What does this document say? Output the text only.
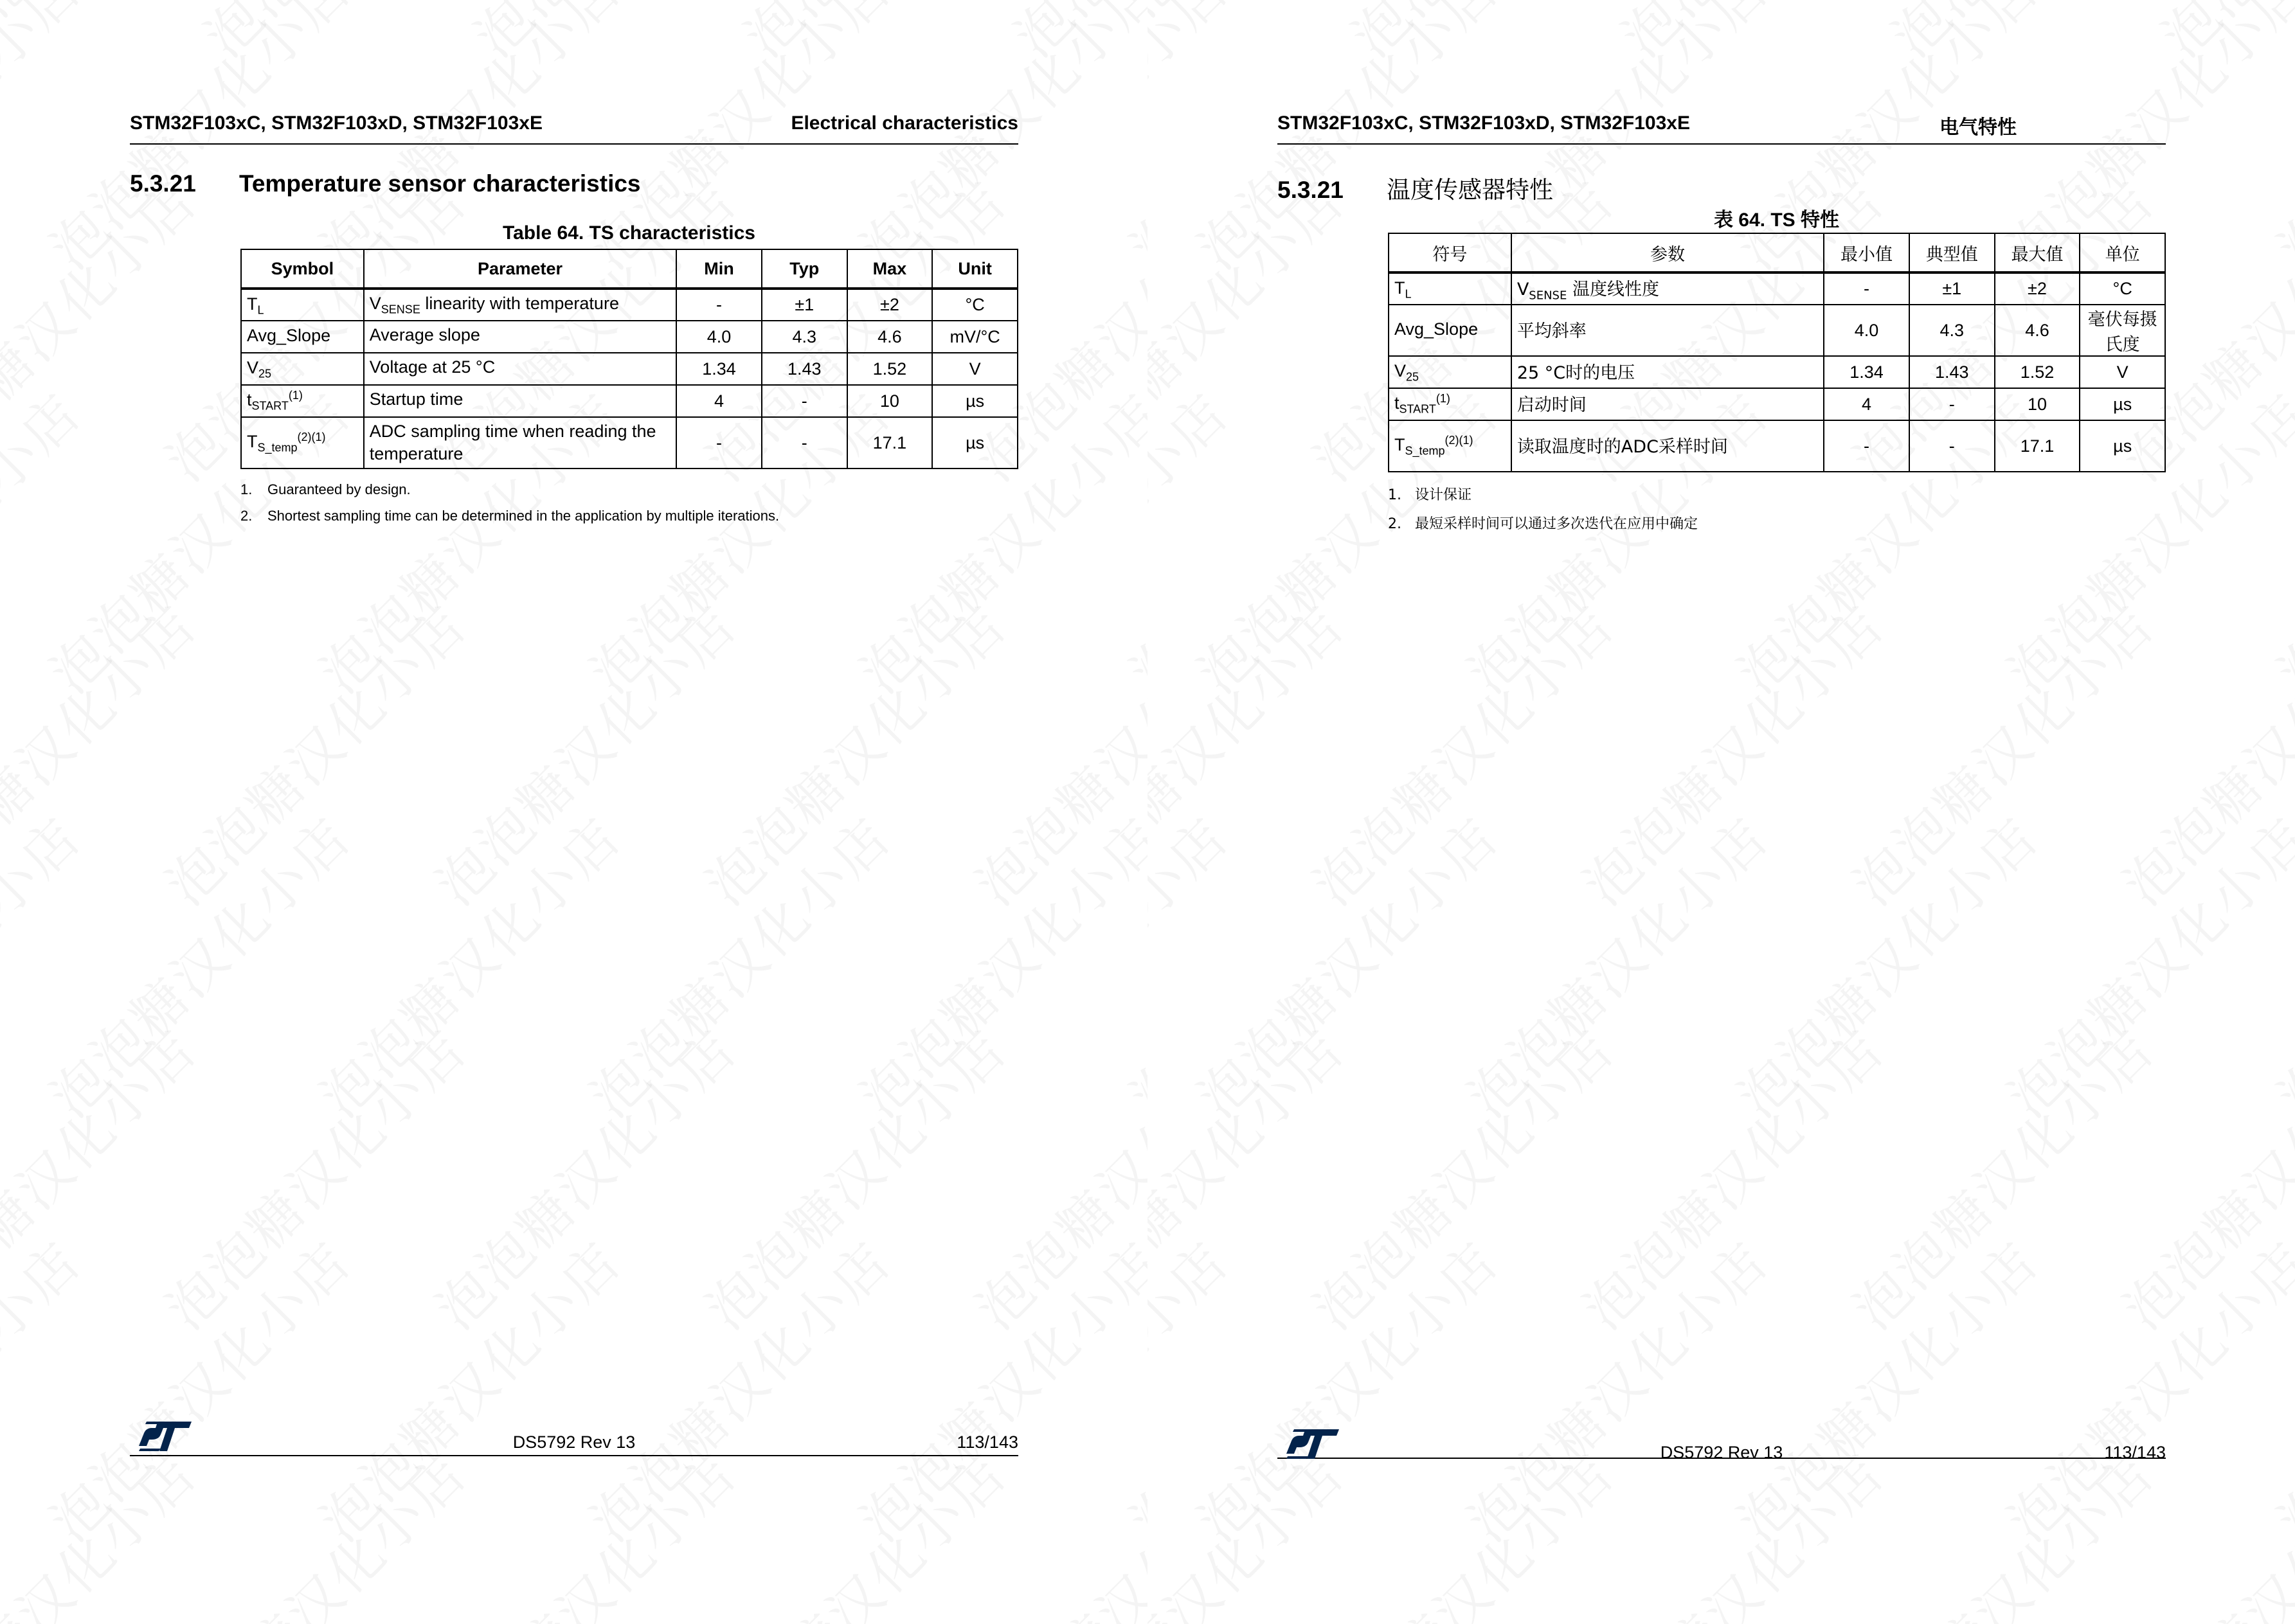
STM32F103xC, STM32F103xD, STM32F103xE	Electrical characteristics
5.3.21 Temperature sensor characteristics
Table 64. TS characteristics
Symbol	Parameter	Min	Typ	Max	Unit
$T_L$	$V_{SENSE}$ linearity with temperature	-	±1	±2	°C
Avg_Slope	Average slope	4.0	4.3	4.6	mV/°C
$V_{25}$	Voltage at 25 °C	1.34	1.43	1.52	V
$t_{START}^{(1)}$	Startup time	4	-	10	µs
$T_{S\_temp}^{(2)(1)}$	ADC sampling time when reading the temperature	-	-	17.1	µs
1. Guaranteed by design.
2. Shortest sampling time can be determined in the application by multiple iterations.
DS5792 Rev 13	113/143
STM32F103xC, STM32F103xD, STM32F103xE	电气特性
5.3.21 温度传感器特性
表 64. TS 特性
符号	参数	最小值	典型值	最大值	单位
$T_L$	$V_{SENSE}$ 温度线性度	-	±1	±2	°C
Avg_Slope	平均斜率	4.0	4.3	4.6	毫伏每摄氏度
$V_{25}$	25 °C时的电压	1.34	1.43	1.52	V
$t_{START}^{(1)}$	启动时间	4	-	10	µs
$T_{S\_temp}^{(2)(1)}$	读取温度时的ADC采样时间	-	-	17.1	µs
1. 设计保证
2. 最短采样时间可以通过多次迭代在应用中确定
DS5792 Rev 13	113/143
